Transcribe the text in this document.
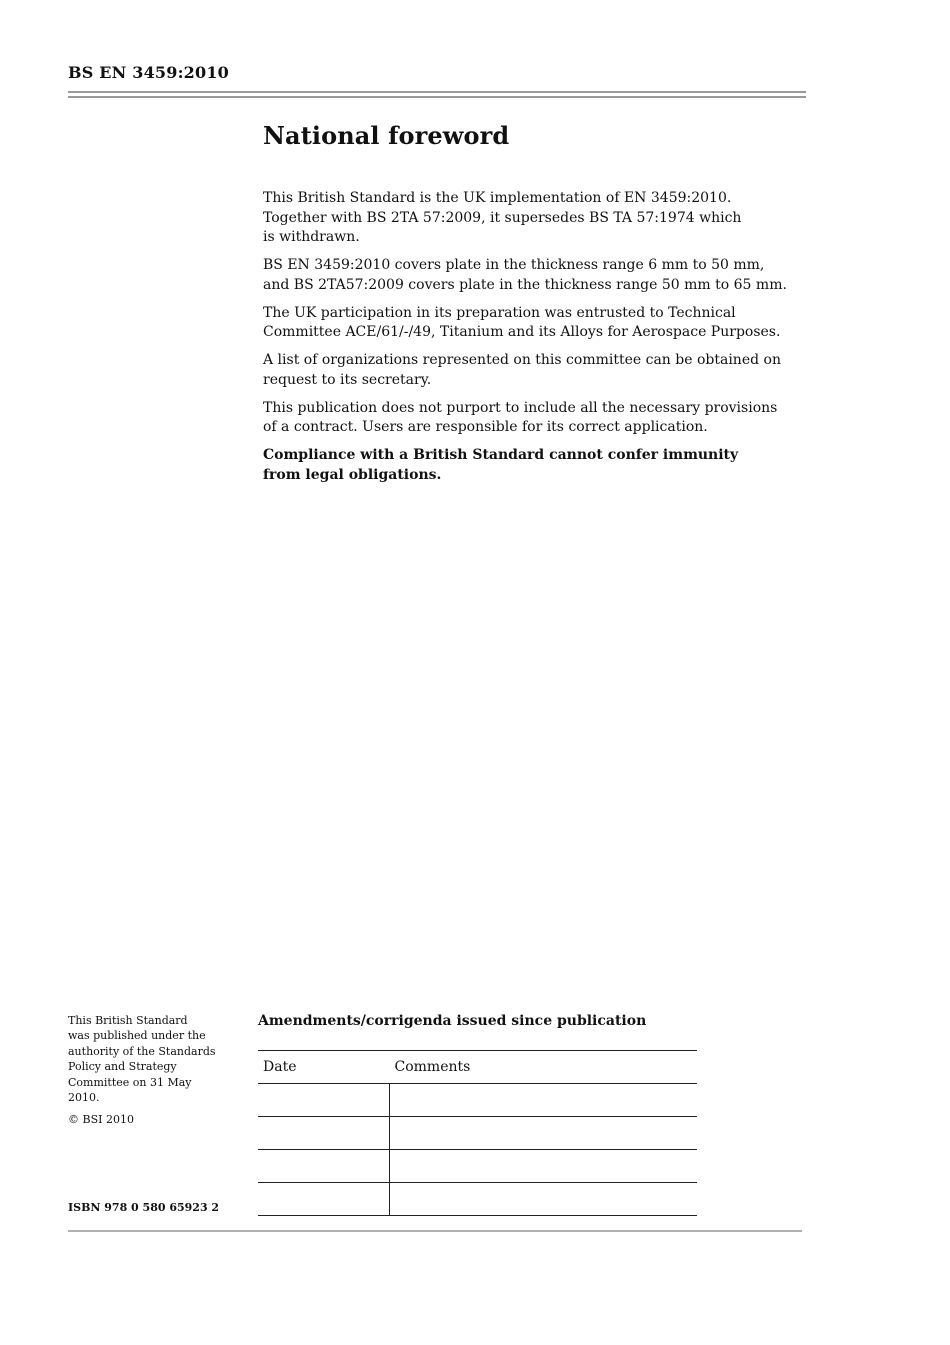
BS EN 3459:2010
National foreword

This British Standard is the UK implementation of EN 3459:2010.
Together with BS 2TA 57:2009, it supersedes BS TA 57:1974 which
is withdrawn.

BS EN 3459:2010 covers plate in the thickness range 6 mm to 50 mm,
and BS 2TA57:2009 covers plate in the thickness range 50 mm to 65 mm.

The UK participation in its preparation was entrusted to Technical
Committee ACE/61/-/49, Titanium and its Alloys for Aerospace Purposes.

A list of organizations represented on this committee can be obtained on
request to its secretary.

This publication does not purport to include all the necessary provisions
of a contract. Users are responsible for its correct application.

Compliance with a British Standard cannot confer immunity
from legal obligations.

This British Standard
was published under the
authority of the Standards
Policy and Strategy
Committee on 31 May
2010.

© BSI 2010

ISBN 978 0 580 65923 2
Amendments/corrigenda issued since publication
Date	Comments
